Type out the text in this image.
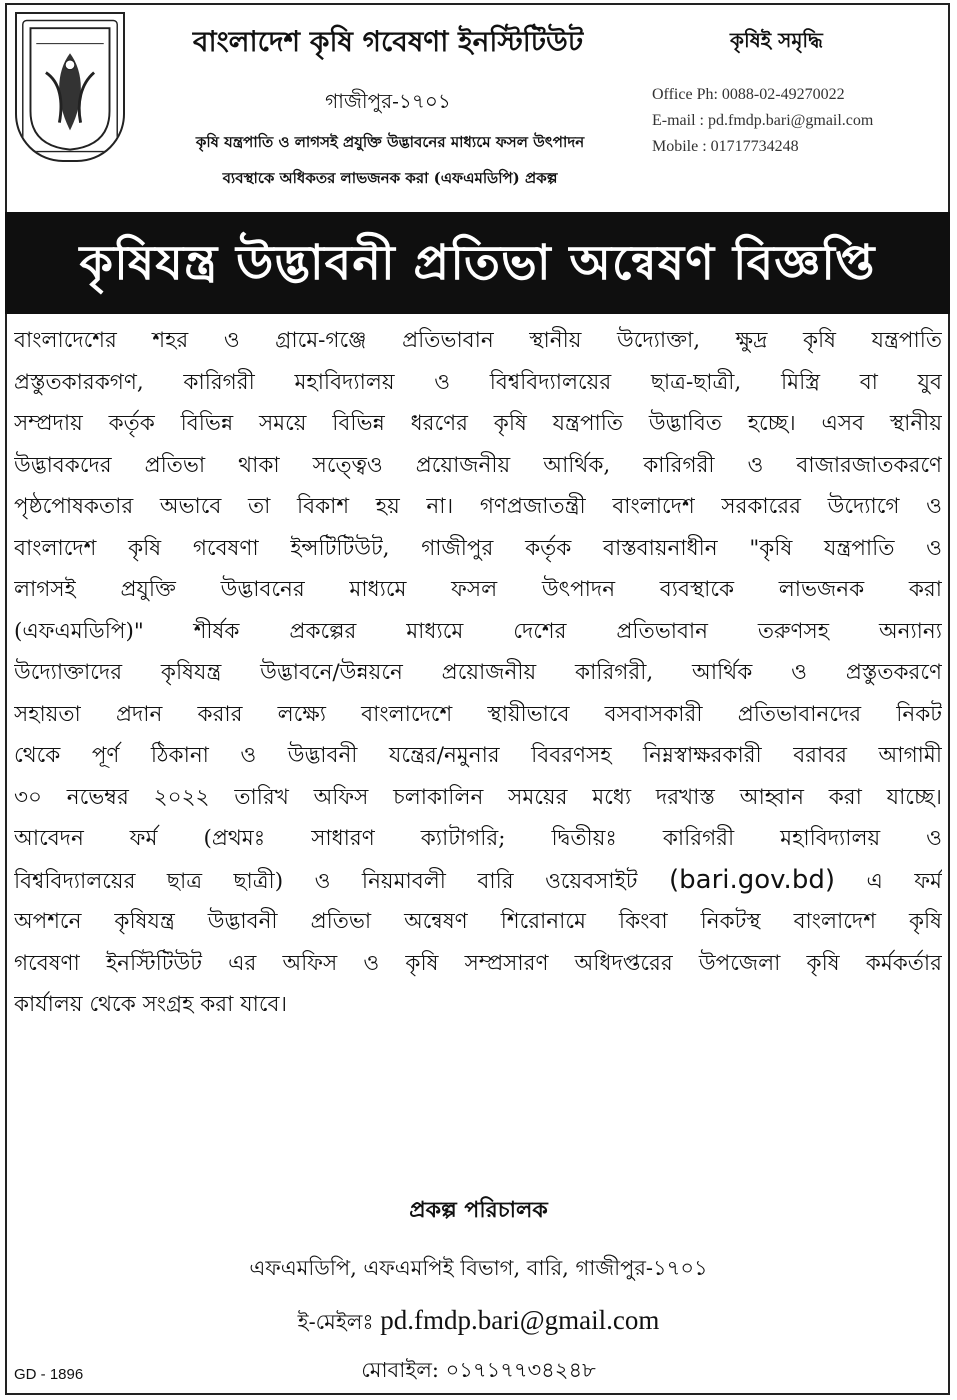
বাংলাদেশ কৃষি গবেষণা ইনস্টিটিউট
গাজীপুর-১৭০১
কৃষি যন্ত্রপাতি ও লাগসই প্রযুক্তি উদ্ভাবনের মাধ্যমে ফসল উৎপাদন
ব্যবস্থাকে অধিকতর লাভজনক করা (এফএমডিপি) প্রকল্প
কৃষিই সমৃদ্ধি
Office Ph: 0088-02-49270022
E-mail : pd.fmdp.bari@gmail.com
Mobile : 01717734248
কৃষিযন্ত্র উদ্ভাবনী প্রতিভা অন্বেষণ বিজ্ঞপ্তি
বাংলাদেশের শহর ও গ্রামে-গঞ্জে প্রতিভাবান স্থানীয় উদ্যোক্তা, ক্ষুদ্র কৃষি যন্ত্রপাতি
প্রস্তুতকারকগণ, কারিগরী মহাবিদ্যালয় ও বিশ্ববিদ্যালয়ের ছাত্র-ছাত্রী, মিস্ত্রি বা যুব
সম্প্রদায় কর্তৃক বিভিন্ন সময়ে বিভিন্ন ধরণের কৃষি যন্ত্রপাতি উদ্ভাবিত হচ্ছে। এসব স্থানীয়
উদ্ভাবকদের প্রতিভা থাকা সত্ত্বেও প্রয়োজনীয় আর্থিক, কারিগরী ও বাজারজাতকরণে
পৃষ্ঠপোষকতার অভাবে তা বিকাশ হয় না। গণপ্রজাতন্ত্রী বাংলাদেশ সরকারের উদ্যোগে ও
বাংলাদেশ কৃষি গবেষণা ইন্সটিটিউট, গাজীপুর কর্তৃক বাস্তবায়নাধীন "কৃষি যন্ত্রপাতি ও
লাগসই প্রযুক্তি উদ্ভাবনের মাধ্যমে ফসল উৎপাদন ব্যবস্থাকে লাভজনক করা
(এফএমডিপি)" শীর্ষক প্রকল্পের মাধ্যমে দেশের প্রতিভাবান তরুণসহ অন্যান্য
উদ্যোক্তাদের কৃষিযন্ত্র উদ্ভাবনে/উন্নয়নে প্রয়োজনীয় কারিগরী, আর্থিক ও প্রস্তুতকরণে
সহায়তা প্রদান করার লক্ষ্যে বাংলাদেশে স্থায়ীভাবে বসবাসকারী প্রতিভাবানদের নিকট
থেকে পূর্ণ ঠিকানা ও উদ্ভাবনী যন্ত্রের/নমুনার বিবরণসহ নিম্নস্বাক্ষরকারী বরাবর আগামী
৩০ নভেম্বর ২০২২ তারিখ অফিস চলাকালিন সময়ের মধ্যে দরখাস্ত আহ্বান করা যাচ্ছে।
আবেদন ফর্ম (প্রথমঃ সাধারণ ক্যাটাগরি; দ্বিতীয়ঃ কারিগরী মহাবিদ্যালয় ও
বিশ্ববিদ্যালয়ের ছাত্র ছাত্রী) ও নিয়মাবলী বারি ওয়েবসাইট (bari.gov.bd) এ ফর্ম
অপশনে কৃষিযন্ত্র উদ্ভাবনী প্রতিভা অন্বেষণ শিরোনামে কিংবা নিকটস্থ বাংলাদেশ কৃষি
গবেষণা ইনস্টিটিউট এর অফিস ও কৃষি সম্প্রসারণ অধিদপ্তরের উপজেলা কৃষি কর্মকর্তার
কার্যালয় থেকে সংগ্রহ করা যাবে।
প্রকল্প পরিচালক
এফএমডিপি, এফএমপিই বিভাগ, বারি, গাজীপুর-১৭০১
ই-মেইলঃ pd.fmdp.bari@gmail.com
মোবাইল: ০১৭১৭৭৩৪২৪৮
GD - 1896
